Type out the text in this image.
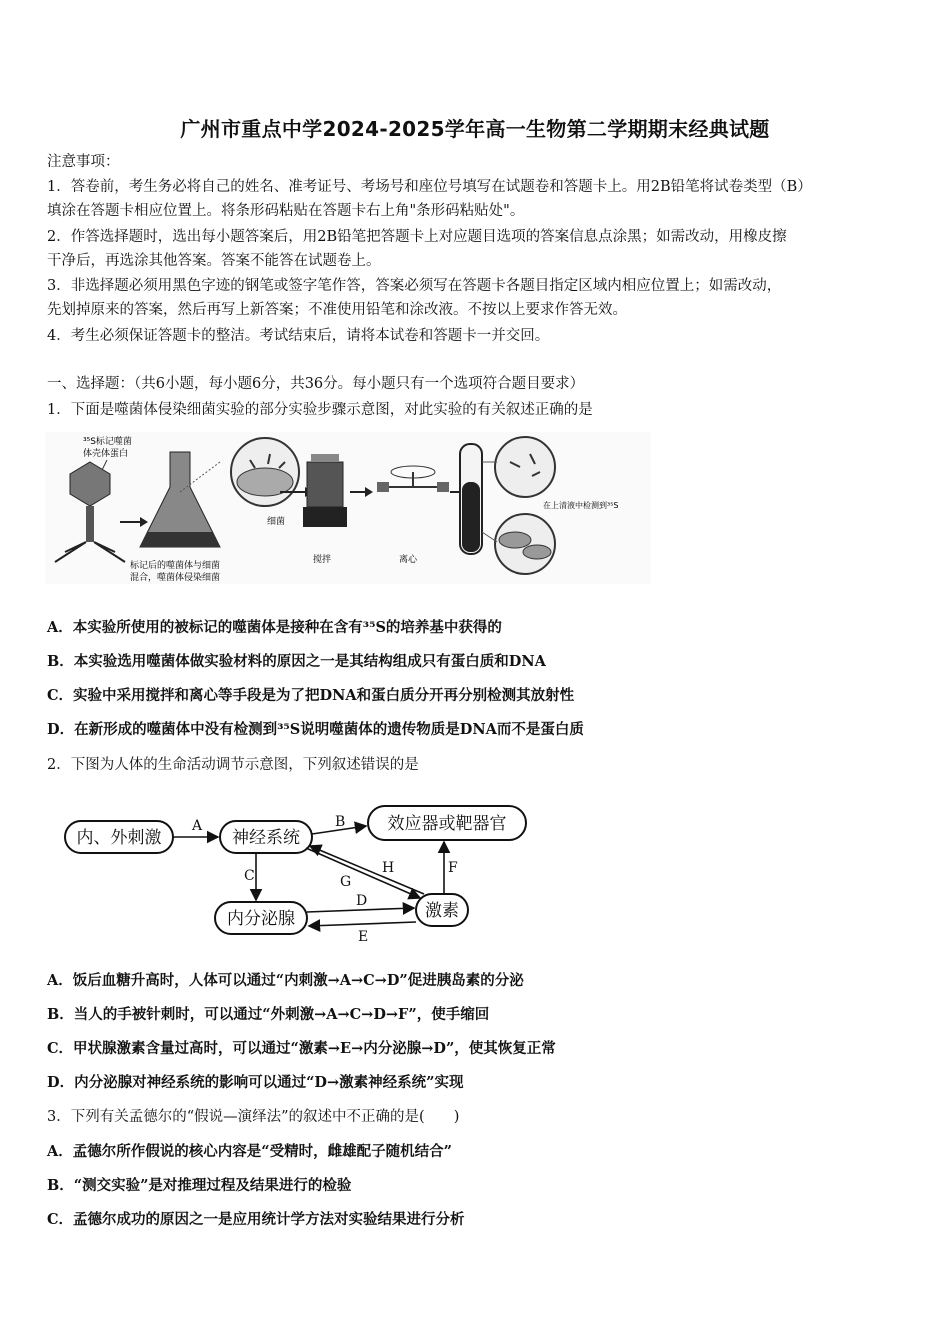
广州市重点中学2024-2025学年高一生物第二学期期末经典试题
注意事项：
1．答卷前，考生务必将自己的姓名、准考证号、考场号和座位号填写在试题卷和答题卡上。用2B铅笔将试卷类型（B）
填涂在答题卡相应位置上。将条形码粘贴在答题卡右上角"条形码粘贴处"。
2．作答选择题时，选出每小题答案后，用2B铅笔把答题卡上对应题目选项的答案信息点涂黑；如需改动，用橡皮擦
干净后，再选涂其他答案。答案不能答在试题卷上。
3．非选择题必须用黑色字迹的钢笔或签字笔作答，答案必须写在答题卡各题目指定区域内相应位置上；如需改动，
先划掉原来的答案，然后再写上新答案；不准使用铅笔和涂改液。不按以上要求作答无效。
4．考生必须保证答题卡的整洁。考试结束后，请将本试卷和答题卡一并交回。
一、选择题：（共6小题，每小题6分，共36分。每小题只有一个选项符合题目要求）
1．下面是噬菌体侵染细菌实验的部分实验步骤示意图，对此实验的有关叙述正确的是
³⁵S标记噬菌
体壳体蛋白
细菌
标记后的噬菌体与细菌
混合，噬菌体侵染细菌
搅拌	离心
在上清液中检测到³⁵S
A．本实验所使用的被标记的噬菌体是接种在含有³⁵S的培养基中获得的
B．本实验选用噬菌体做实验材料的原因之一是其结构组成只有蛋白质和DNA
C．实验中采用搅拌和离心等手段是为了把DNA和蛋白质分开再分别检测其放射性
D．在新形成的噬菌体中没有检测到³⁵S说明噬菌体的遗传物质是DNA而不是蛋白质
2．下图为人体的生命活动调节示意图，下列叙述错误的是
内、外刺激	神经系统
效应器或靶器官
内分泌腺	激素
A	B
C
D
E
F
G
H
A．饭后血糖升高时，人体可以通过“内刺激→A→C→D”促进胰岛素的分泌
B．当人的手被针刺时，可以通过“外刺激→A→C→D→F”，使手缩回
C．甲状腺激素含量过高时，可以通过“激素→E→内分泌腺→D”，使其恢复正常
D．内分泌腺对神经系统的影响可以通过“D→激素神经系统”实现
3．下列有关孟德尔的“假说—演绎法”的叙述中不正确的是(　　)
A．孟德尔所作假说的核心内容是“受精时，雌雄配子随机结合”
B．“测交实验”是对推理过程及结果进行的检验
C．孟德尔成功的原因之一是应用统计学方法对实验结果进行分析
